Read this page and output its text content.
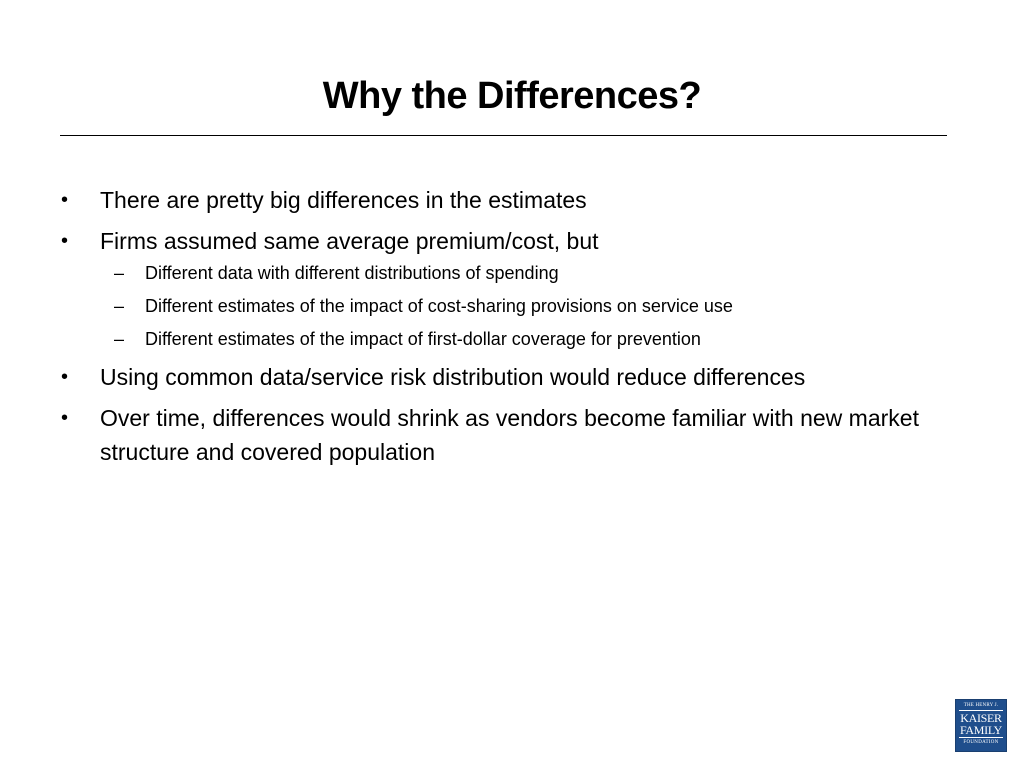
Why the Differences?
• There are pretty big differences in the estimates
• Firms assumed same average premium/cost, but
– Different data with different distributions of spending
– Different estimates of the impact of cost-sharing provisions on service use
– Different estimates of the impact of first-dollar coverage for prevention
• Using common data/service risk distribution would reduce differences
• Over time, differences would shrink as vendors become familiar with new market structure and covered population
THE HENRY J.
KAISER
FAMILY
FOUNDATION
